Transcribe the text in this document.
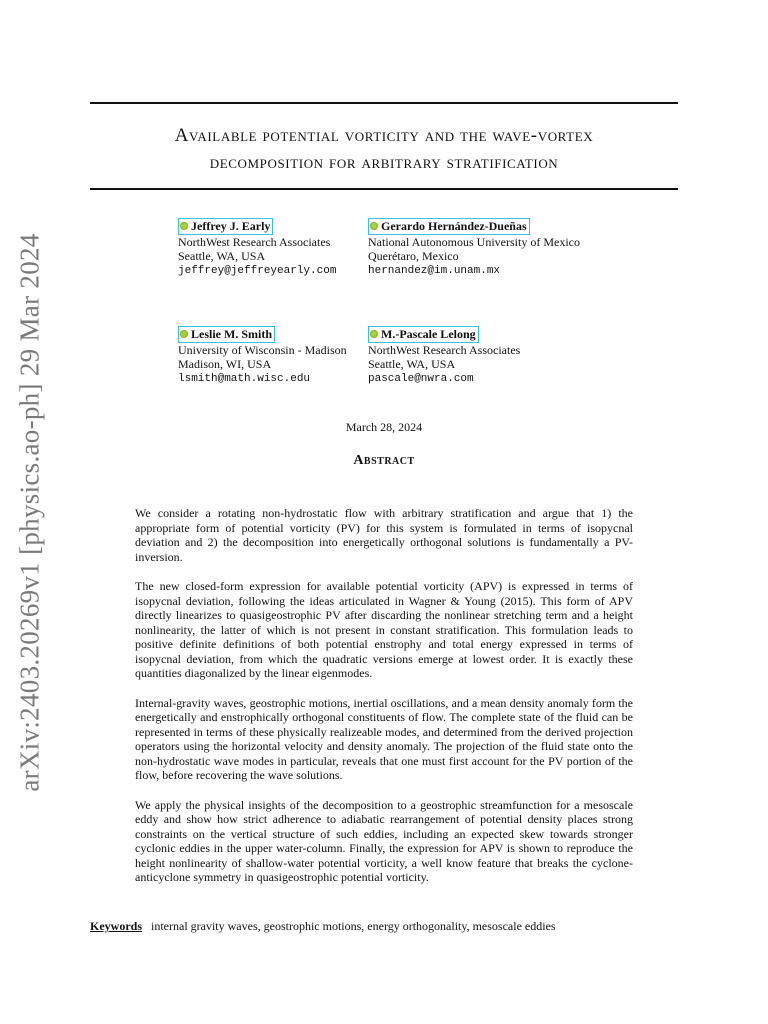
arXiv:2403.20269v1 [physics.ao-ph] 29 Mar 2024
Available potential vorticity and the wave-vortex
decomposition for arbitrary stratification
Jeffrey J. Early
NorthWest Research Associates
Seattle, WA, USA
jeffrey@jeffreyearly.com
Gerardo Hernández-Dueñas
National Autonomous University of Mexico
Querétaro, Mexico
hernandez@im.unam.mx
Leslie M. Smith
University of Wisconsin - Madison
Madison, WI, USA
lsmith@math.wisc.edu
M.-Pascale Lelong
NorthWest Research Associates
Seattle, WA, USA
pascale@nwra.com
March 28, 2024
Abstract

We consider a rotating non-hydrostatic flow with arbitrary stratification and argue that 1) the appropriate form of potential vorticity (PV) for this system is formulated in terms of isopycnal deviation and 2) the decomposition into energetically orthogonal solutions is fundamentally a PV-inversion.

The new closed-form expression for available potential vorticity (APV) is expressed in terms of isopycnal deviation, following the ideas articulated in Wagner & Young (2015). This form of APV directly linearizes to quasigeostrophic PV after discarding the nonlinear stretching term and a height nonlinearity, the latter of which is not present in constant stratification. This formulation leads to positive definite definitions of both potential enstrophy and total energy expressed in terms of isopycnal deviation, from which the quadratic versions emerge at lowest order. It is exactly these quantities diagonalized by the linear eigenmodes.

Internal-gravity waves, geostrophic motions, inertial oscillations, and a mean density anomaly form the energetically and enstrophically orthogonal constituents of flow. The complete state of the fluid can be represented in terms of these physically realizeable modes, and determined from the derived projection operators using the horizontal velocity and density anomaly. The projection of the fluid state onto the non-hydrostatic wave modes in particular, reveals that one must first account for the PV portion of the flow, before recovering the wave solutions.

We apply the physical insights of the decomposition to a geostrophic streamfunction for a mesoscale eddy and show how strict adherence to adiabatic rearrangement of potential density places strong constraints on the vertical structure of such eddies, including an expected skew towards stronger cyclonic eddies in the upper water-column. Finally, the expression for APV is shown to reproduce the height nonlinearity of shallow-water potential vorticity, a well know feature that breaks the cyclone-anticyclone symmetry in quasigeostrophic potential vorticity.

Keywords internal gravity waves, geostrophic motions, energy orthogonality, mesoscale eddies
